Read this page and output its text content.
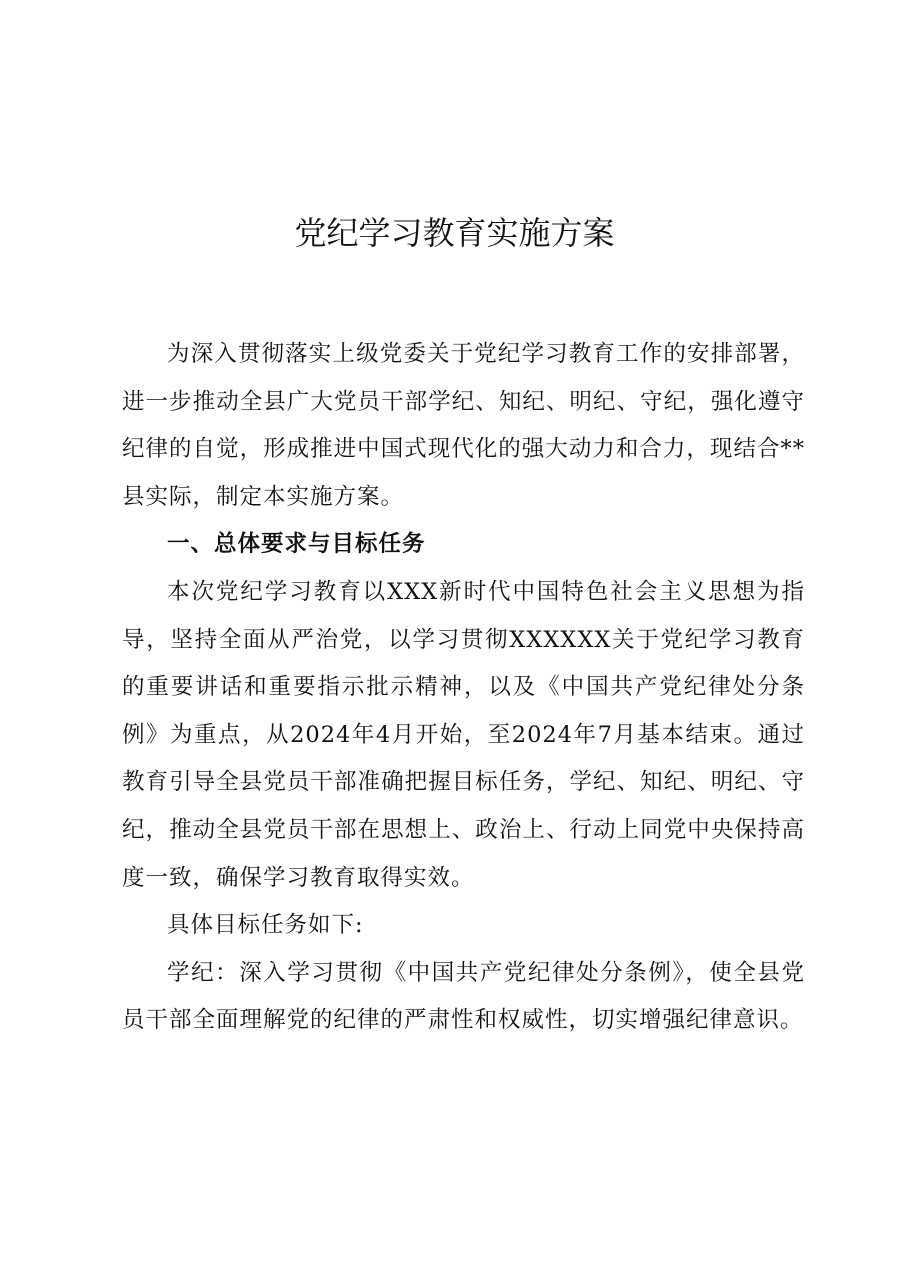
党纪学习教育实施方案

为深入贯彻落实上级党委关于党纪学习教育工作的安排部署，进一步推动全县广大党员干部学纪、知纪、明纪、守纪，强化遵守纪律的自觉，形成推进中国式现代化的强大动力和合力，现结合**县实际，制定本实施方案。

一、总体要求与目标任务

本次党纪学习教育以XXX新时代中国特色社会主义思想为指导，坚持全面从严治党，以学习贯彻XXXXXX关于党纪学习教育的重要讲话和重要指示批示精神，以及《中国共产党纪律处分条例》为重点，从2024年4月开始，至2024年7月基本结束。通过教育引导全县党员干部准确把握目标任务，学纪、知纪、明纪、守纪，推动全县党员干部在思想上、政治上、行动上同党中央保持高度一致，确保学习教育取得实效。

具体目标任务如下:

学纪：深入学习贯彻《中国共产党纪律处分条例》，使全县党员干部全面理解党的纪律的严肃性和权威性，切实增强纪律意识。
